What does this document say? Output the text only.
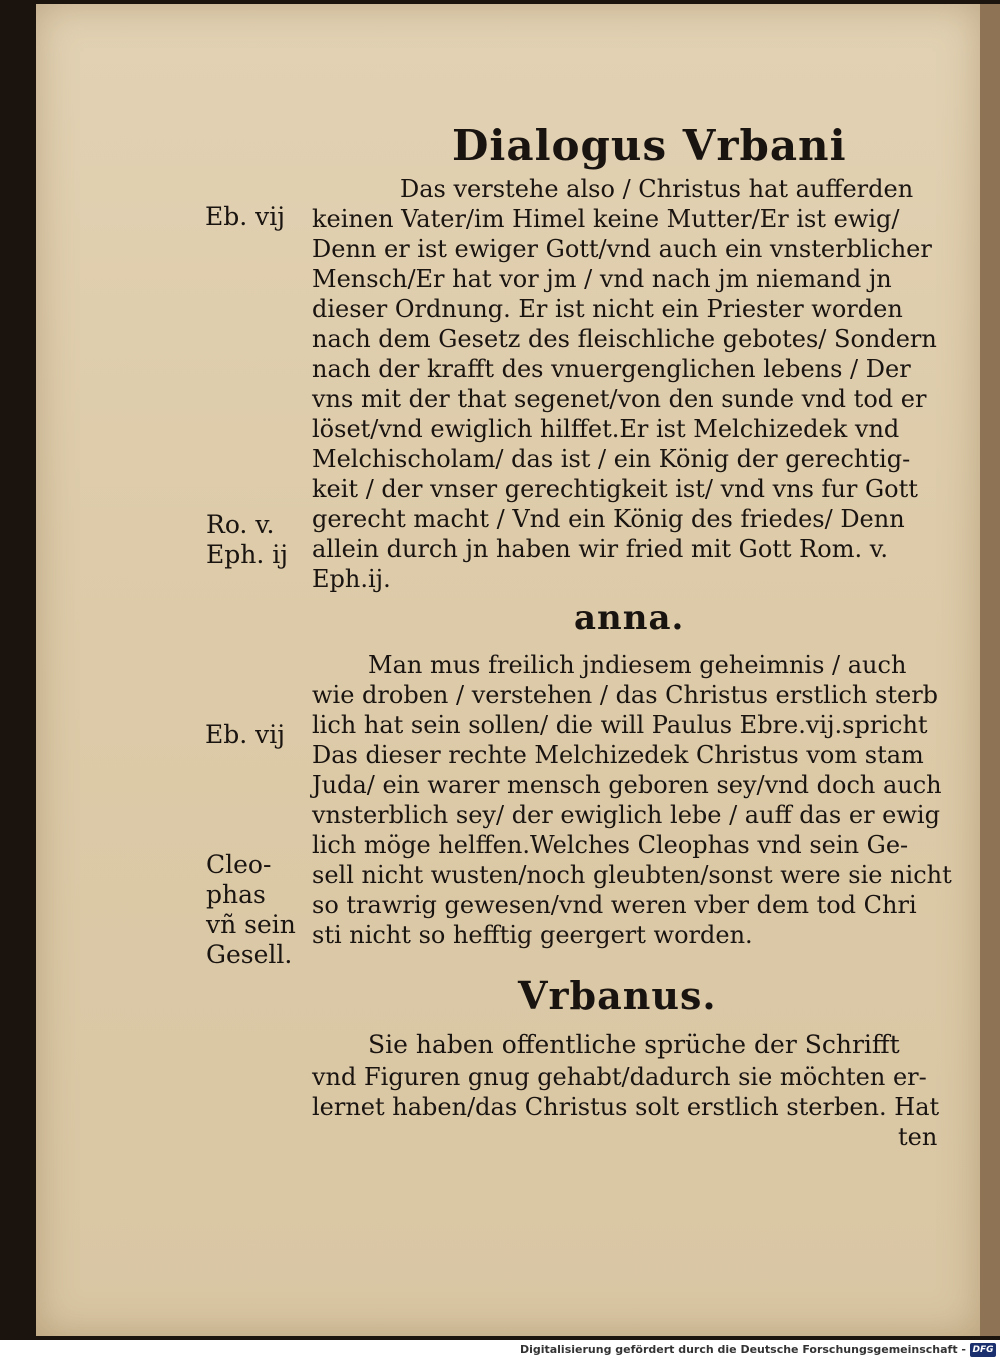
Dialogus Vrbani
Das verstehe also / Christus hat aufferden
keinen Vater/im Himel keine Mutter/Er ist ewig/
Denn er ist ewiger Gott/vnd auch ein vnsterblicher
Mensch/Er hat vor jm / vnd nach jm niemand jn
dieser Ordnung. Er ist nicht ein Priester worden
nach dem Gesetz des fleischliche gebotes/ Sondern
nach der krafft des vnuergenglichen lebens / Der
vns mit der that segenet/von den sunde vnd tod er
löset/vnd ewiglich hilffet.Er ist Melchizedek vnd
Melchischolam/ das ist / ein König der gerechtig-
keit / der vnser gerechtigkeit ist/ vnd vns fur Gott
gerecht macht / Vnd ein König des friedes/ Denn
allein durch jn haben wir fried mit Gott Rom. v.
Eph.ij.
anna.
Man mus freilich jndiesem geheimnis / auch
wie droben / verstehen / das Christus erstlich sterb
lich hat sein sollen/ die will Paulus Ebre.vij.spricht
Das dieser rechte Melchizedek Christus vom stam
Juda/ ein warer mensch geboren sey/vnd doch auch
vnsterblich sey/ der ewiglich lebe / auff das er ewig
lich möge helffen.Welches Cleophas vnd sein Ge-
sell nicht wusten/noch gleubten/sonst were sie nicht
so trawrig gewesen/vnd weren vber dem tod Chri
sti nicht so hefftig geergert worden.
Vrbanus.
Sie haben offentliche sprüche der Schrifft
vnd Figuren gnug gehabt/dadurch sie möchten er-
lernet haben/das Christus solt erstlich sterben. Hat
ten
Eb. vij
Ro. v.
Eph. ij
Eb. vij
Cleo-
phas
vñ sein
Gesell.
Digitalisierung gefördert durch die Deutsche Forschungsgemeinschaft - DFG
